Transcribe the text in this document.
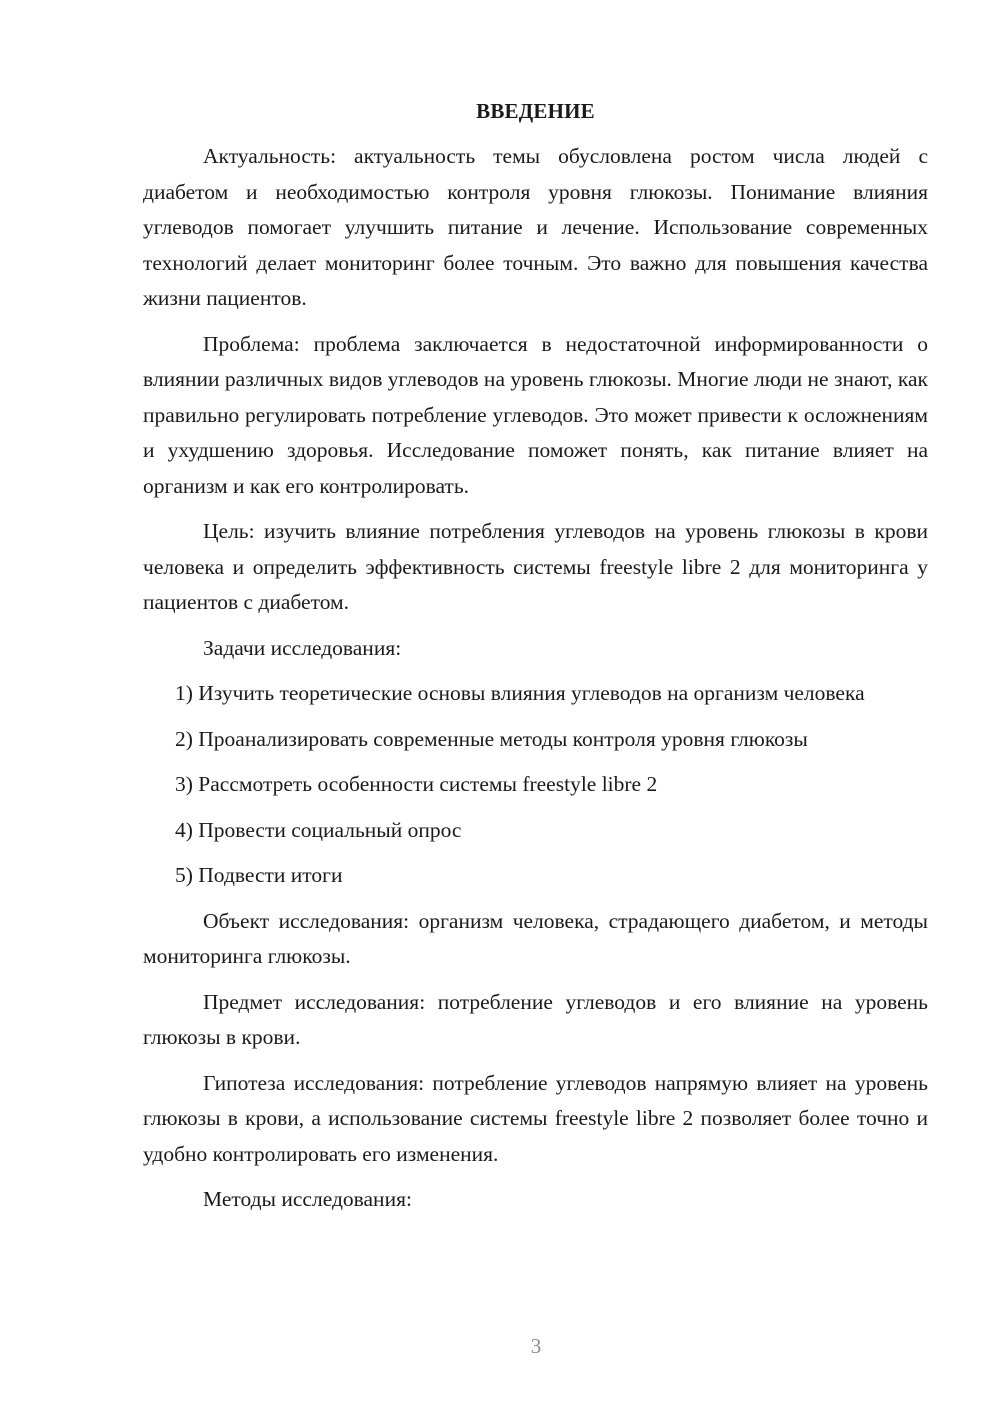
ВВЕДЕНИЕ

Актуальность: актуальность темы обусловлена ростом числа людей с диабетом и необходимостью контроля уровня глюкозы. Понимание влияния углеводов помогает улучшить питание и лечение. Использование современных технологий делает мониторинг более точным. Это важно для повышения качества жизни пациентов.

Проблема: проблема заключается в недостаточной информированности о влиянии различных видов углеводов на уровень глюкозы. Многие люди не знают, как правильно регулировать потребление углеводов. Это может привести к осложнениям и ухудшению здоровья. Исследование поможет понять, как питание влияет на организм и как его контролировать.

Цель: изучить влияние потребления углеводов на уровень глюкозы в крови человека и определить эффективность системы freestyle libre 2 для мониторинга у пациентов с диабетом.

Задачи исследования:

1) Изучить теоретические основы влияния углеводов на организм человека

2) Проанализировать современные методы контроля уровня глюкозы

3) Рассмотреть особенности системы freestyle libre 2

4) Провести социальный опрос

5) Подвести итоги

Объект исследования: организм человека, страдающего диабетом, и методы мониторинга глюкозы.

Предмет исследования: потребление углеводов и его влияние на уровень глюкозы в крови.

Гипотеза исследования: потребление углеводов напрямую влияет на уровень глюкозы в крови, а использование системы freestyle libre 2 позволяет более точно и удобно контролировать его изменения.

Методы исследования:

3
